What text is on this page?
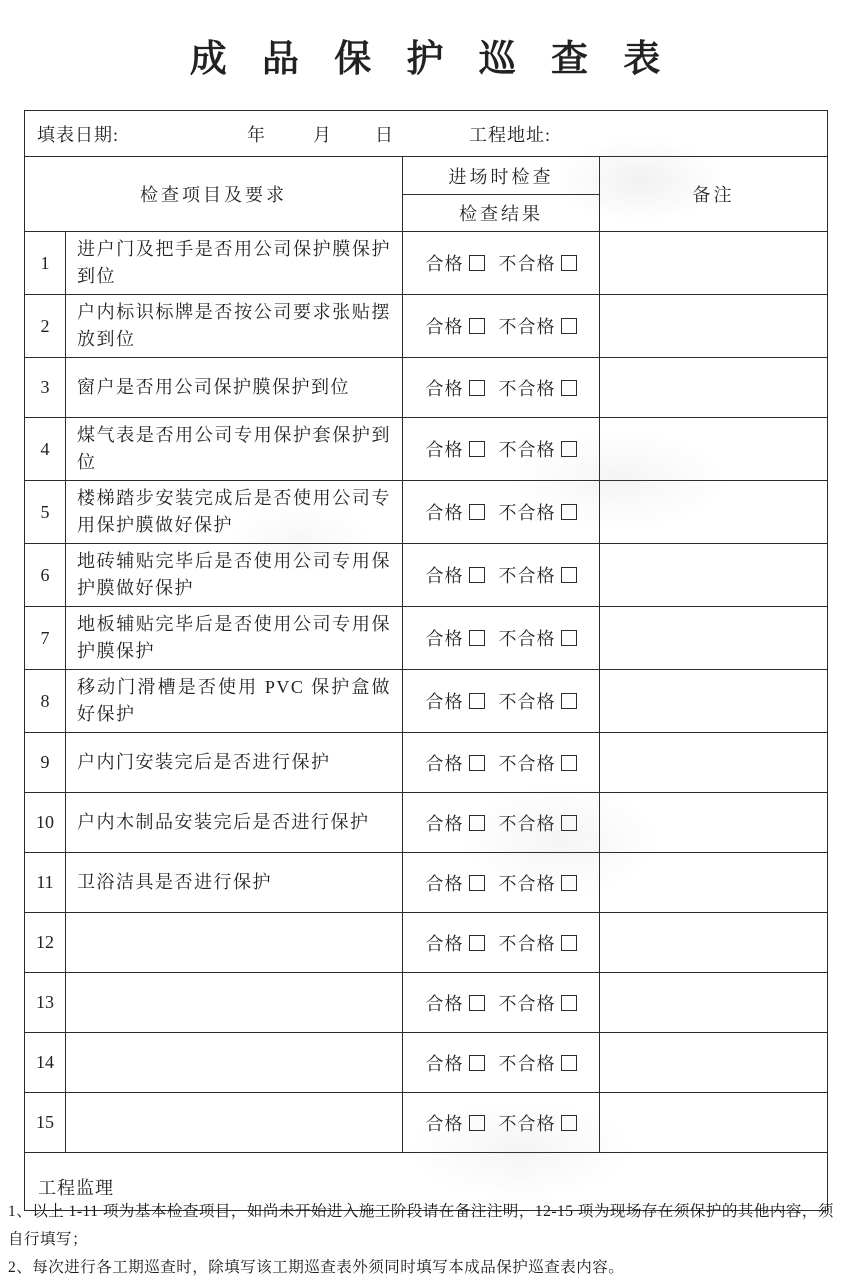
成 品 保 护 巡 查 表
填表日期: 年 月 日 工程地址:			

检查项目及要求		进场时检查	备注
		检查结果	
1	进户门及把手是否用公司保护膜保护到位	合格 不合格	

2	户内标识标牌是否按公司要求张贴摆放到位	合格 不合格	

3	窗户是否用公司保护膜保护到位	合格 不合格	

4	煤气表是否用公司专用保护套保护到位	合格 不合格	

5	楼梯踏步安装完成后是否使用公司专用保护膜做好保护	合格 不合格	

6	地砖辅贴完毕后是否使用公司专用保护膜做好保护	合格 不合格	

7	地板辅贴完毕后是否使用公司专用保护膜保护	合格 不合格	

8	移动门滑槽是否使用 PVC 保护盒做好保护	合格 不合格	

9	户内门安装完后是否进行保护	合格 不合格	

10	户内木制品安装完后是否进行保护	合格 不合格	

11	卫浴洁具是否进行保护	合格 不合格	

12		合格 不合格	

13		合格 不合格	

14		合格 不合格	

15		合格 不合格	

工程监理			
1、以上 1-11 项为基本检查项目，如尚未开始进入施工阶段请在备注注明，12-15 项为现场存在须保护的其他内容，须自行填写；
2、每次进行各工期巡查时，除填写该工期巡查表外须同时填写本成品保护巡查表内容。
